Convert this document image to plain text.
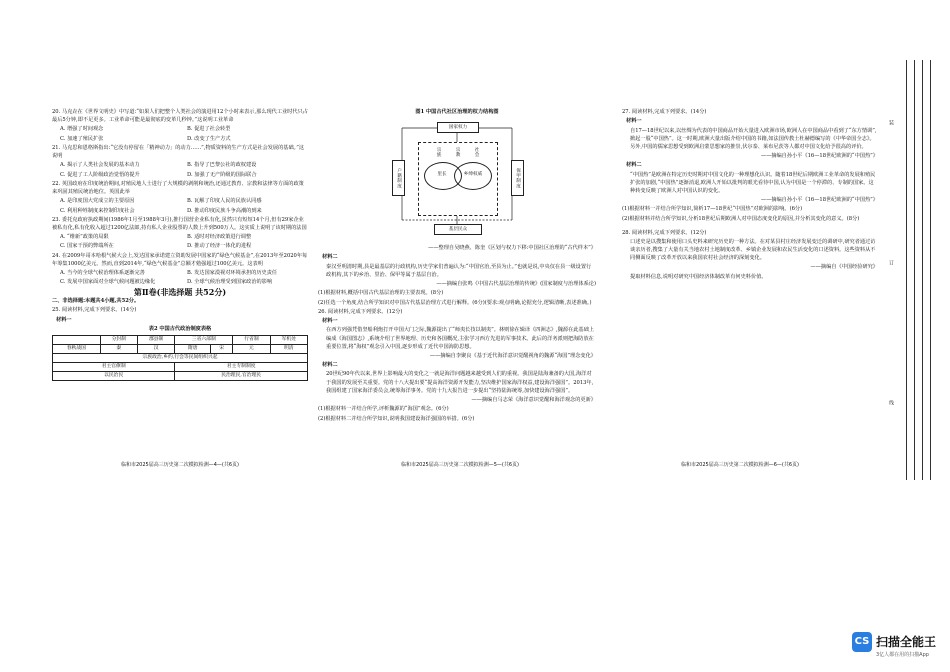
20. 马克垚在《世界文明史》中写道:“如果人们把整个人类社会的演进用12个小时来表示,那么现代工业时代只占最后5分钟,即不足更多。工业革命可能是最彻底的变革几秒钟。”这说明工业革命

A. 增强了时间观念	B. 促进了社会转型

C. 加速了殖民扩张	D. 改变了生产方式

21. 马克思和恩格斯指出:“它没有停留在「精神动力」的动力……”,物质资料的生产方式是社会发展的基础。”这说明

A. 揭示了人类社会发展的基本动力	B. 指导了巴黎公社的政权建设

C. 促进了工人阶级政治觉悟的提升	D. 加强了无产阶级的国际联合

22. 英国政府在印度统治期间,对殖民地人士进行了大规模的剥削和统治,还通过教育、宗教和法律等方面的政策来巩固其殖民统治地位。英国此举

A. 是印度国大党成立的主要原因	B. 瓦解了印度人民的民族认同感

C. 利用种姓制度来控制印度社会	D. 推动印度民族斗争高潮的到来

23. 委托克政府执政期间(1986年1月至1988年3月),推行国营企业私有化,虽然只有短短14个月,但有29家企业被私有化,私有化收入超过1200亿法郎,持有私人企业股票的人数上升到500万人。这实质上说明了该时期的法国

A. “维新”政策的局限	B. 适时对经济政策进行调整

C. 国家干预的弊端所在	D. 推动了经济一体化的进程

24. 在2009年哥本哈根气候大会上,发达国家承诺建立资助发展中国家的“绿色气候基金”,在2013年至2020年每年筹集1000亿美元。然而,直到2014年,“绿色气候基金”总额才勉强超过100亿美元。这表明

A. 当今的全球气候治理体系逐渐完善	B. 发达国家漠视对环境承担的历史责任

C. 发展中国家面对全球气候问题被边缘化	D. 全球气候治理受到国家政治的影响

第Ⅱ卷(非选择题 共52分)

二、非选择题:本题共4小题,共52分。

25. 阅读材料,完成下列要求。(14分)

材料一

表2 中国古代政治制度表格

	分封制	郡县制	三省六部制		行省制	军机处
春秋战国	秦	汉	隋唐	宋	元	明清
宗族政治,乡约,行会等民间组织兴起						
君主官僚制			君主专制制度			
以民治民			民治理民,官治理民			
临和市2025届高三历史第二次模拟检测—4—(共6页)

图1 中国古代社区治理的权力结构图

国家权力
户籍制度	保甲制度
里长	乡绅权威
宗族	宗教	社会
基层民众

——整理自吴晓燕、陈奎《区划与权力下移:中国社区治理的“古代样本”》

材料二

秦汉至明清时期,县是最基层的行政机构,历史学家们普遍认为:“中国官治,至县为止。”也就是说,中央仅在县一级设置行政机构,其下的乡治、里治、保甲等属于基层自治。

——摘编自张鸣《中国古代基层治理的传统》(国家制度与治理体系论)

(1)根据材料,概括中国古代基层治理的主要表现。(8分)

(2)任选一个角度,结合所学知识对中国古代基层治理方式进行解释。(6分)(要求:观点明确,论据充分,逻辑清晰,表述准确。)

26. 阅读材料,完成下列要求。(12分)

材料一

在西方列强凭借坚船利炮打开中国大门之际,魏源提出了“师夷长技以制夷”。林则徐在辑译《四洲志》,魏源在此基础上编成《海国图志》,系统介绍了世界地理、历史和各国概况,主张学习西方先进的军事技术。此后的洋务派则把海防放在重要位置,将“海权”观念引入中国,逐步形成了近代中国海防思想。

——摘编自李聚良《基于近代海洋意识觉醒视角的魏源“海国”理念变化》

材料二

20世纪90年代以来,世界上影响最大的变化之一就是海洋问题越来越受到人们的重视。我国是陆海兼备的大国,海洋对于我国的发展至关重要。党的十八大提出要“提高海洋资源开发能力,坚决维护国家海洋权益,建设海洋强国”。2013年,我国组建了国家海洋委员会,统筹海洋事务。党的十九大报告进一步提出“坚持陆海统筹,加快建设海洋强国”。

——摘编自马志荣《海洋意识觉醒和海洋观念的更新》

(1)根据材料一并结合所学,评析魏源的“海国”观念。(6分)

(2)根据材料二并结合所学知识,说明我国建设海洋强国的举措。(6分)

临和市2025届高三历史第二次模拟检测—5—(共6页)

27. 阅读材料,完成下列要求。(14分)

材料一

自17—18世纪以来,以丝绸为代表的中国商品开始大量进入欧洲市场,欧洲人在中国商品中看到了“东方情调”,掀起一股“中国热”。这一时期,欧洲大量出版介绍中国的书籍,如法国传教士杜赫德编写的《中华帝国全志》。另外,中国的儒家思想受到欧洲启蒙思想家的推崇,伏尔泰、莱布尼茨等人都对中国文化给予很高的评价。

——摘编自孙小平《16—18世纪欧洲的“中国热”》

材料二

“中国热”是欧洲在特定历史时期对中国文化的一种理想化认识。随着18世纪后期欧洲工业革命的发展和殖民扩张的加剧,“中国热”逐渐消退,欧洲人开始以批判的眼光看待中国,认为中国是一个停滞的、专制的国家。这种转变反映了欧洲人对中国认识的变化。

——摘编自孙小平《16—18世纪欧洲的“中国热”》

(1)根据材料一并结合所学知识,简析17—18世纪“中国热”对欧洲的影响。(6分)

(2)根据材料并结合所学知识,分析18世纪后期欧洲人对中国态度变化的原因,并分析其变化的意义。(8分)

28. 阅读材料,完成下列要求。(12分)

口述史是以搜集和使用口头史料来研究历史的一种方法。在对某县村庄经济发展变迁的调研中,研究者通过访谈亲历者,搜集了大量有关当地农村土地制度改革、乡镇企业发展和农民生活变化的口述资料。这些资料从不同侧面反映了改革开放以来我国农村社会经济的深刻变化。

——摘编自《中国经验研究》

提取材料信息,说明对研究中国经济体制改革有何史料价值。

临和市2025届高三历史第二次模拟检测—6—(共6页)
装
订
线
CS 扫描全能王
3亿人都在用的扫描App
